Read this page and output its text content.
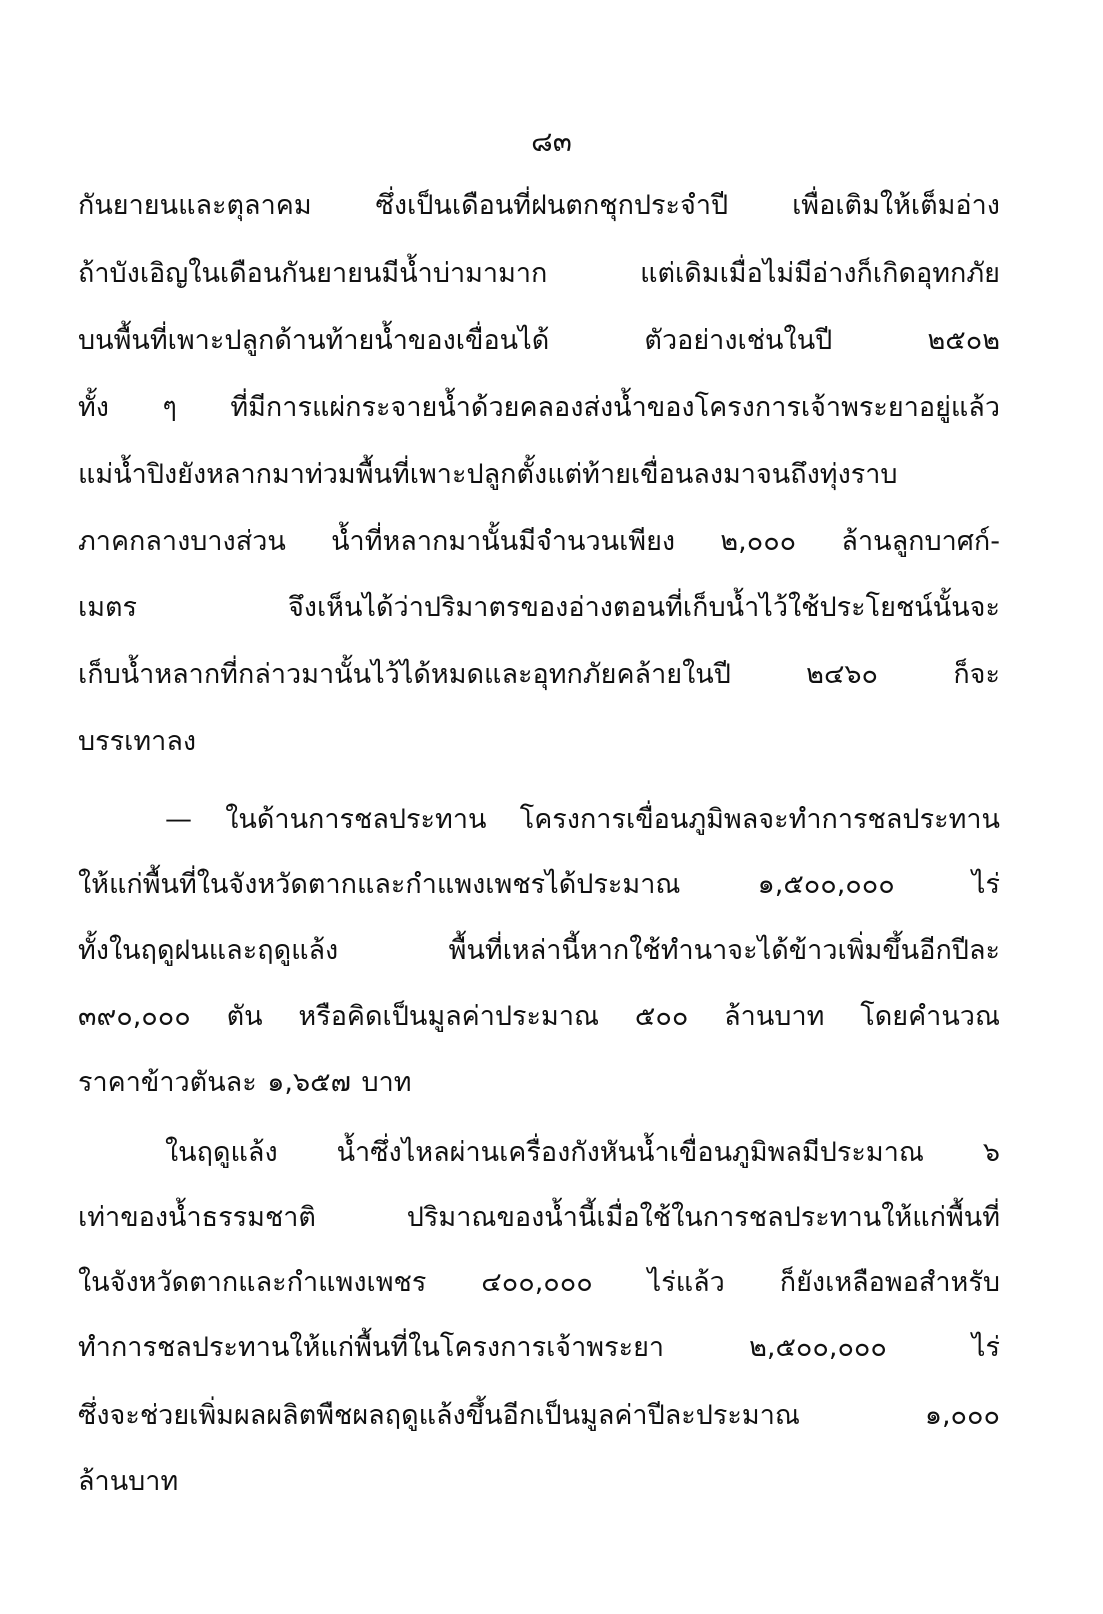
๘๓
กันยายนและตุลาคม ซึ่งเป็นเดือนที่ฝนตกชุกประจำปี เพื่อเติมให้เต็มอ่าง
ถ้าบังเอิญในเดือนกันยายนมีน้ำบ่ามามาก แต่เดิมเมื่อไม่มีอ่างก็เกิดอุทกภัย
บนพื้นที่เพาะปลูกด้านท้ายน้ำของเขื่อนได้ ตัวอย่างเช่นในปี ๒๕๐๒
ทั้ง ๆ ที่มีการแผ่กระจายน้ำด้วยคลองส่งน้ำของโครงการเจ้าพระยาอยู่แล้ว
แม่น้ำปิงยังหลากมาท่วมพื้นที่เพาะปลูกตั้งแต่ท้ายเขื่อนลงมาจนถึงทุ่งราบ
ภาคกลางบางส่วน น้ำที่หลากมานั้นมีจำนวนเพียง ๒,๐๐๐ ล้านลูกบาศก์-
เมตร จึงเห็นได้ว่าปริมาตรของอ่างตอนที่เก็บน้ำไว้ใช้ประโยชน์นั้นจะ
เก็บน้ำหลากที่กล่าวมานั้นไว้ได้หมดและอุทกภัยคล้ายในปี ๒๔๖๐ ก็จะ
บรรเทาลง
— ในด้านการชลประทาน โครงการเขื่อนภูมิพลจะทำการชลประทาน
ให้แก่พื้นที่ในจังหวัดตากและกำแพงเพชรได้ประมาณ ๑,๕๐๐,๐๐๐ ไร่
ทั้งในฤดูฝนและฤดูแล้ง พื้นที่เหล่านี้หากใช้ทำนาจะได้ข้าวเพิ่มขึ้นอีกปีละ
๓๙๐,๐๐๐ ตัน หรือคิดเป็นมูลค่าประมาณ ๕๐๐ ล้านบาท โดยคำนวณ
ราคาข้าวตันละ ๑,๖๕๗ บาท
ในฤดูแล้ง น้ำซึ่งไหลผ่านเครื่องกังหันน้ำเขื่อนภูมิพลมีประมาณ ๖
เท่าของน้ำธรรมชาติ ปริมาณของน้ำนี้เมื่อใช้ในการชลประทานให้แก่พื้นที่
ในจังหวัดตากและกำแพงเพชร ๔๐๐,๐๐๐ ไร่แล้ว ก็ยังเหลือพอสำหรับ
ทำการชลประทานให้แก่พื้นที่ในโครงการเจ้าพระยา ๒,๕๐๐,๐๐๐ ไร่
ซึ่งจะช่วยเพิ่มผลผลิตพืชผลฤดูแล้งขึ้นอีกเป็นมูลค่าปีละประมาณ ๑,๐๐๐
ล้านบาท
